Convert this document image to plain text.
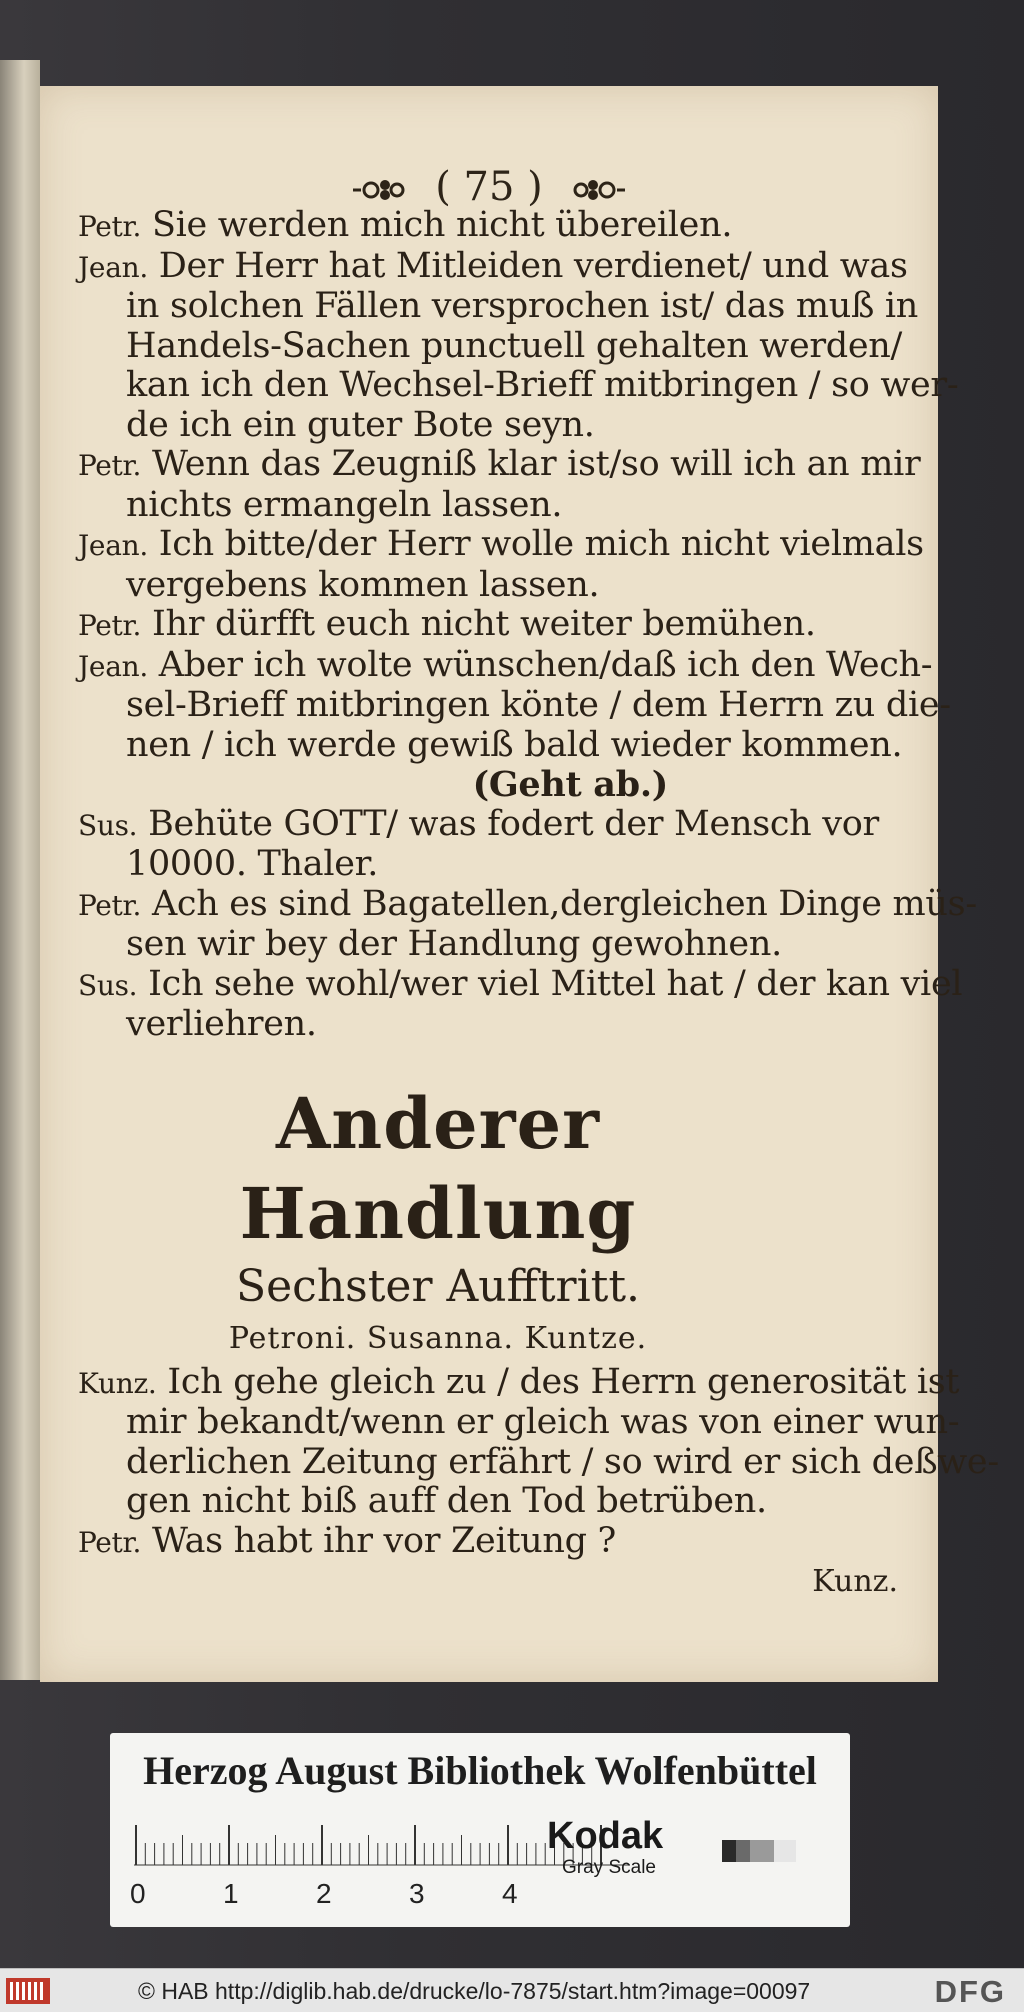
( 75 )
Petr. Sie werden mich nicht übereilen.
Jean. Der Herr hat Mitleiden verdienet/ und was
in solchen Fällen versprochen ist/ das muß in
Handels-Sachen punctuell gehalten werden/
kan ich den Wechsel-Brieff mitbringen / so wer-
de ich ein guter Bote seyn.
Petr. Wenn das Zeugniß klar ist/so will ich an mir
nichts ermangeln lassen.
Jean. Ich bitte/der Herr wolle mich nicht vielmals
vergebens kommen lassen.
Petr. Ihr dürfft euch nicht weiter bemühen.
Jean. Aber ich wolte wünschen/daß ich den Wech-
sel-Brieff mitbringen könte / dem Herrn zu die-
nen / ich werde gewiß bald wieder kommen.
(Geht ab.)
Sus. Behüte GOTT/ was fodert der Mensch vor
10000. Thaler.
Petr. Ach es sind Bagatellen,dergleichen Dinge müs-
sen wir bey der Handlung gewohnen.
Sus. Ich sehe wohl/wer viel Mittel hat / der kan viel
verliehren.
Anderer Handlung
Sechster Aufftritt.
Petroni. Susanna. Kuntze.
Kunz. Ich gehe gleich zu / des Herrn generosität ist
mir bekandt/wenn er gleich was von einer wun-
derlichen Zeitung erfährt / so wird er sich deßwe-
gen nicht biß auff den Tod betrüben.
Petr. Was habt ihr vor Zeitung ?
Kunz.
Herzog August Bibliothek Wolfenbüttel
0	1	2	3	4
Kodak
Gray Scale
© HAB http://diglib.hab.de/drucke/lo-7875/start.htm?image=00097	DFG
